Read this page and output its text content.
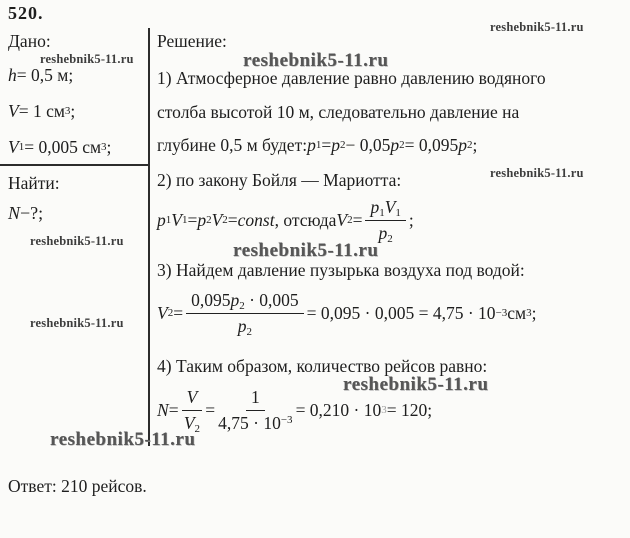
520.
Дано:
h = 0,5 м;
V = 1 см 3 ;
V 1 = 0,005 см 3 ;
Найти:
N −?;
Решение:
1) Атмосферное давление равно давлению водяного
столба высотой 10 м, следовательно давление на
глубине 0,5 м будет: p 1 = p 2 − 0,05 p 2 = 0,095 p 2 ;
2) по закону Бойля — Мариотта:
p 1 V 1 = p 2 V 2 = const , отсюда V $2 = \frac{p_1V_1}{p_2}$ ;
3) Найдем давление пузырька воздуха под водой:
V $2 = \frac{0,095p_2 \cdot 0,005}{p_2} = 0,095 \cdot 0,005 = 4,75 \cdot 10 -3$ см 3 ;
4) Таким образом, количество рейсов равно:
$N = \frac{V}{V_2} = \frac{1}{4,75 \cdot 10^{-3}} = 0,210 \cdot 10$ 3 = 120;
Ответ: 210 рейсов.
reshebnik5-11.ru
reshebnik5-11.ru
reshebnik5-11.ru
reshebnik5-11.ru
reshebnik5-11.ru
reshebnik5-11.ru
reshebnik5-11.ru
reshebnik5-11.ru
reshebnik5-11.ru
